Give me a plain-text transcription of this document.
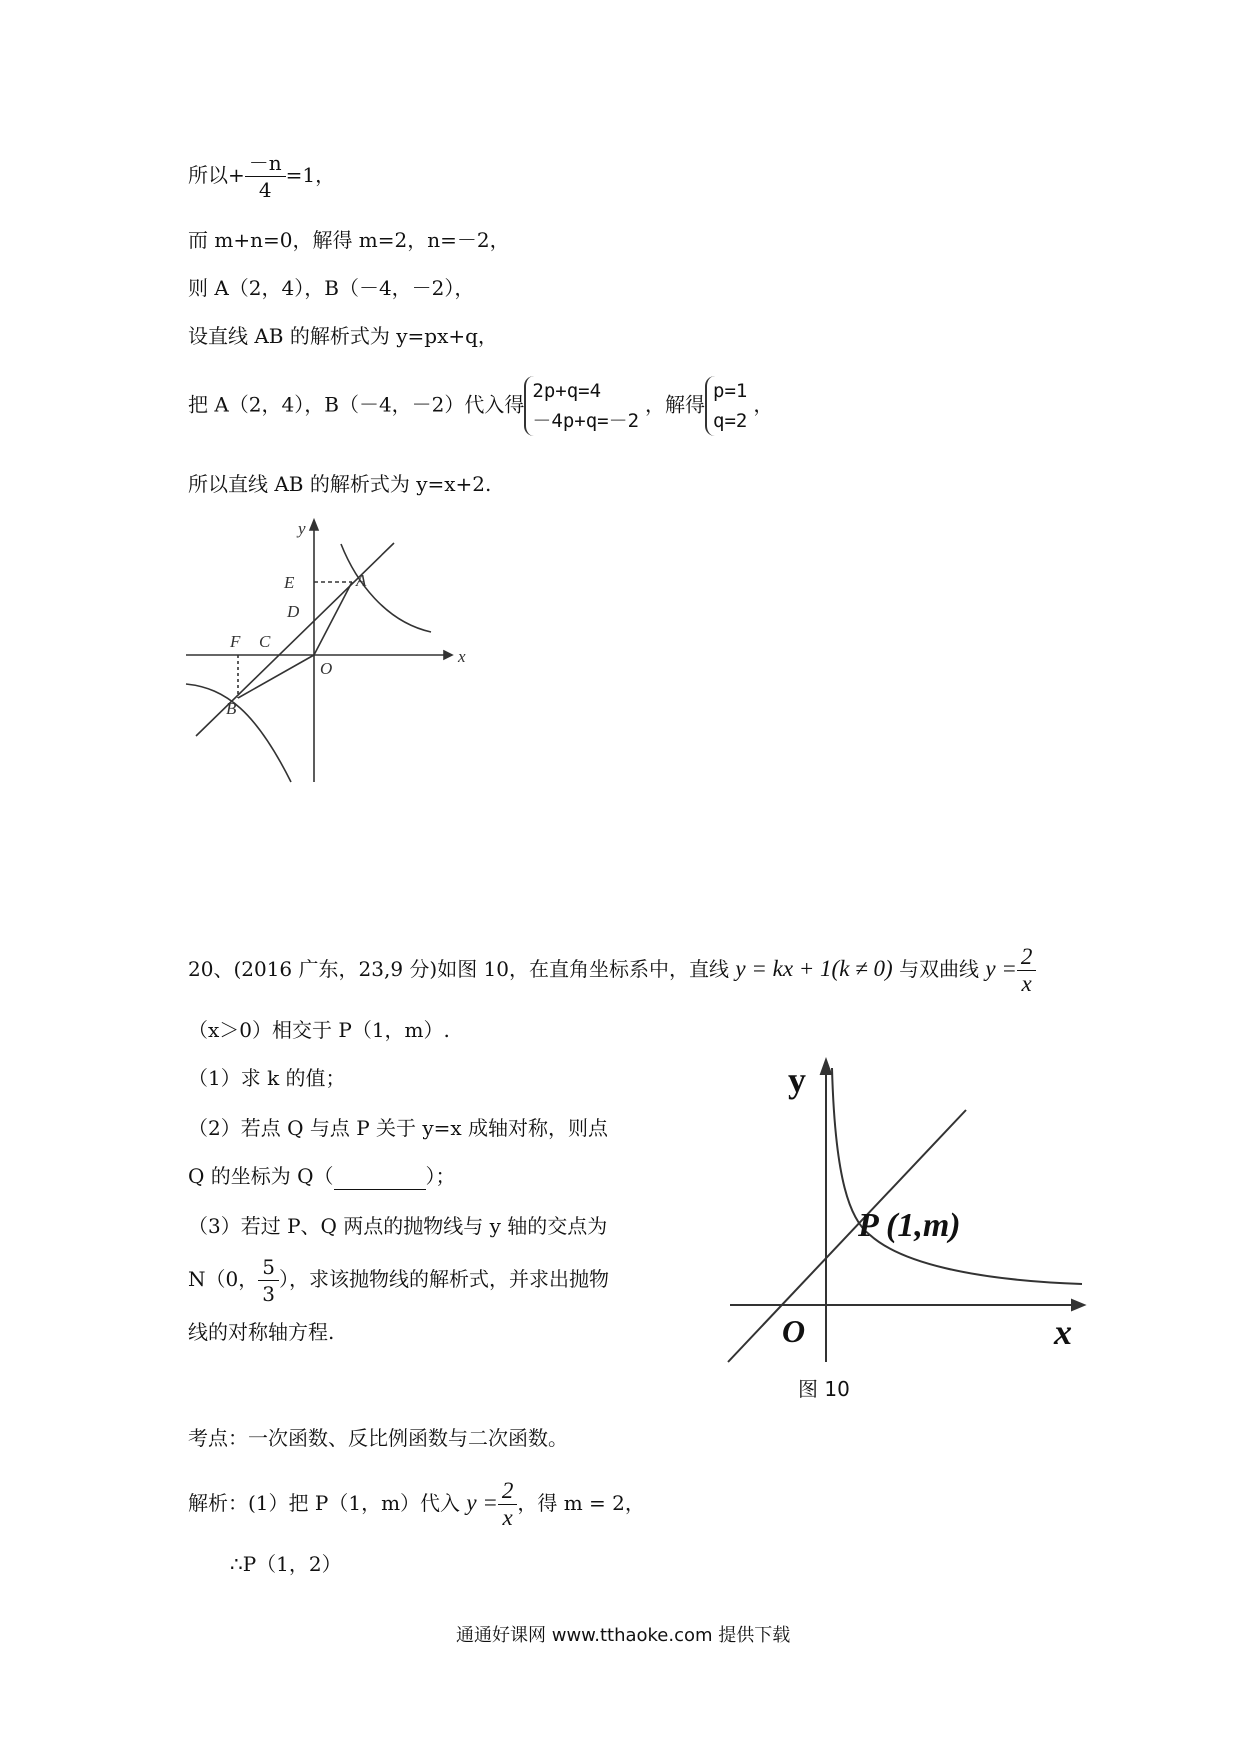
所以+ $\frac{-n}{4} =1$，
而 m+n=0，解得 m=2，n=－2，
则 A（2，4），B（－4，－2），
设直线 AB 的解析式为 y=px+q，
把 A（2，4），B（－4，－2）代入得
2p+q=4
－4p+q=－2
，解得
p=1
q=2
，
所以直线 AB 的解析式为 y=x+2.
y
x
E	A
D
F C
O
B
20、(2016 广东，23,9 分)如图 10，在直角坐标系中，直线 y = kx + 1(k ≠ 0) 与双曲线 $y = \frac{2}{x}$
（x＞0）相交于 P（1，m）.
（1）求 k 的值；
（2）若点 Q 与点 P 关于 y=x 成轴对称，则点
Q 的坐标为 Q（	）；
（3）若过 P、Q 两点的抛物线与 y 轴的交点为
N（0， $\frac{5}{3}$ ），求该抛物线的解析式，并求出抛物
线的对称轴方程.
y
x
O
P (1,m)
图 10
考点：一次函数、反比例函数与二次函数。
解析：(1）把 P（1，m）代入 $y = \frac{2}{x}$ ，得 m = 2，
∴P（1，2）
通通好课网 www.tthaoke.com 提供下载
